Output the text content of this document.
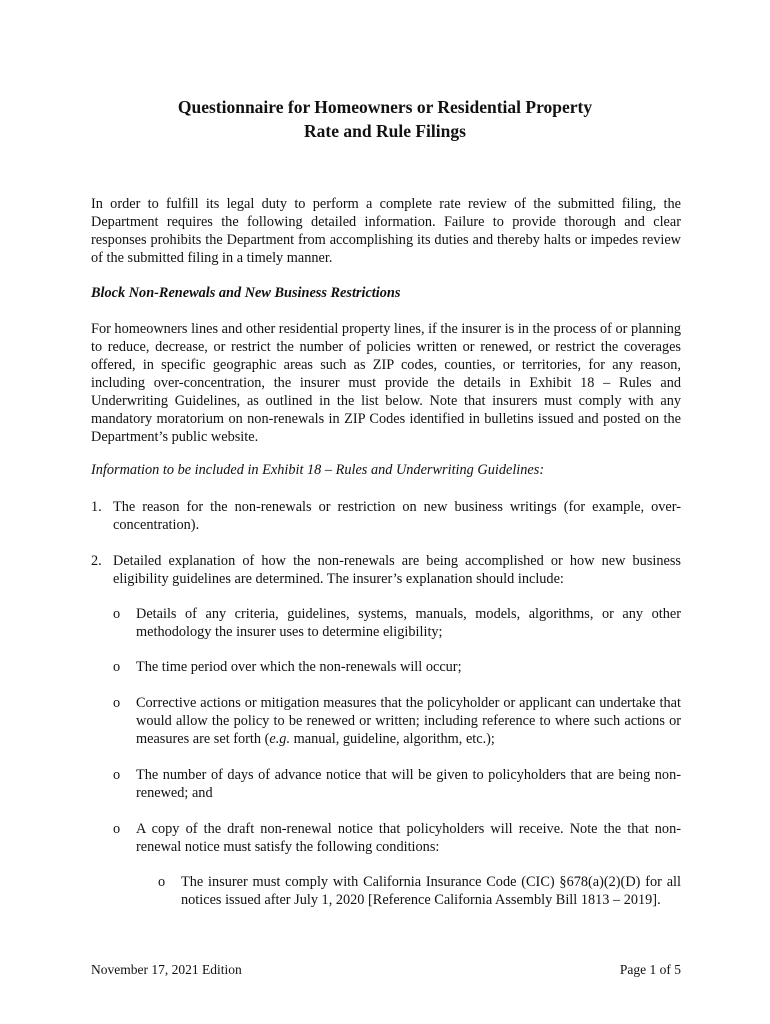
Questionnaire for Homeowners or Residential Property
Rate and Rule Filings
In order to fulfill its legal duty to perform a complete rate review of the submitted filing, the Department requires the following detailed information. Failure to provide thorough and clear responses prohibits the Department from accomplishing its duties and thereby halts or impedes review of the submitted filing in a timely manner.
Block Non-Renewals and New Business Restrictions
For homeowners lines and other residential property lines, if the insurer is in the process of or planning to reduce, decrease, or restrict the number of policies written or renewed, or restrict the coverages offered, in specific geographic areas such as ZIP codes, counties, or territories, for any reason, including over-concentration, the insurer must provide the details in Exhibit 18 – Rules and Underwriting Guidelines, as outlined in the list below. Note that insurers must comply with any mandatory moratorium on non-renewals in ZIP Codes identified in bulletins issued and posted on the Department’s public website.
Information to be included in Exhibit 18 – Rules and Underwriting Guidelines:
1. The reason for the non-renewals or restriction on new business writings (for example, over-concentration).
2. Detailed explanation of how the non-renewals are being accomplished or how new business eligibility guidelines are determined. The insurer’s explanation should include:
o Details of any criteria, guidelines, systems, manuals, models, algorithms, or any other methodology the insurer uses to determine eligibility;
o The time period over which the non-renewals will occur;
o Corrective actions or mitigation measures that the policyholder or applicant can undertake that would allow the policy to be renewed or written; including reference to where such actions or measures are set forth (e.g. manual, guideline, algorithm, etc.);
o The number of days of advance notice that will be given to policyholders that are being non-renewed; and
o A copy of the draft non-renewal notice that policyholders will receive. Note the that non-renewal notice must satisfy the following conditions:
o The insurer must comply with California Insurance Code (CIC) §678(a)(2)(D) for all notices issued after July 1, 2020 [Reference California Assembly Bill 1813 – 2019].
November 17, 2021 Edition	Page 1 of 5
